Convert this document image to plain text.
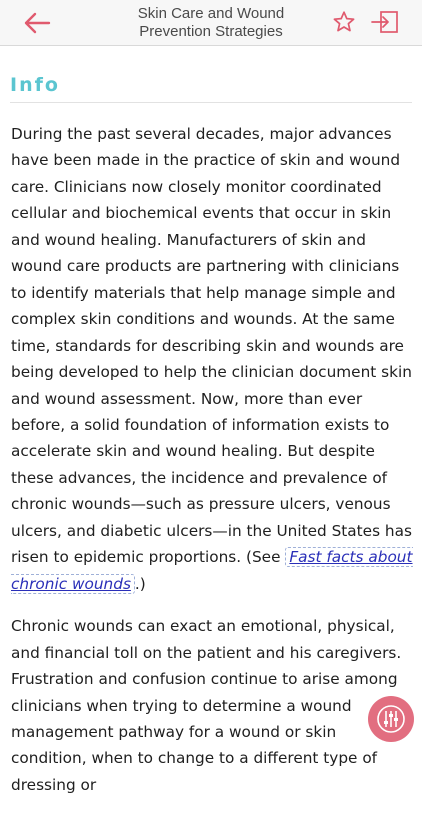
Skin Care and Wound
Prevention Strategies
Info

During the past several decades, major advances have been made in the practice of skin and wound care. Clinicians now closely monitor coordinated cellular and biochemical events that occur in skin and wound healing. Manufacturers of skin and wound care products are partnering with clinicians to identify materials that help manage simple and complex skin conditions and wounds. At the same time, standards for describing skin and wounds are being developed to help the clinician document skin and wound assessment. Now, more than ever before, a solid foundation of information exists to accelerate skin and wound healing. But despite these advances, the incidence and prevalence of chronic wounds—such as pressure ulcers, venous ulcers, and diabetic ulcers—in the United States has risen to epidemic proportions. (See Fast facts about chronic wounds .)

Chronic wounds can exact an emotional, physical, and financial toll on the patient and his caregivers. Frustration and confusion continue to arise among clinicians when trying to determine a wound management pathway for a wound or skin condition, when to change to a different type of dressing or
